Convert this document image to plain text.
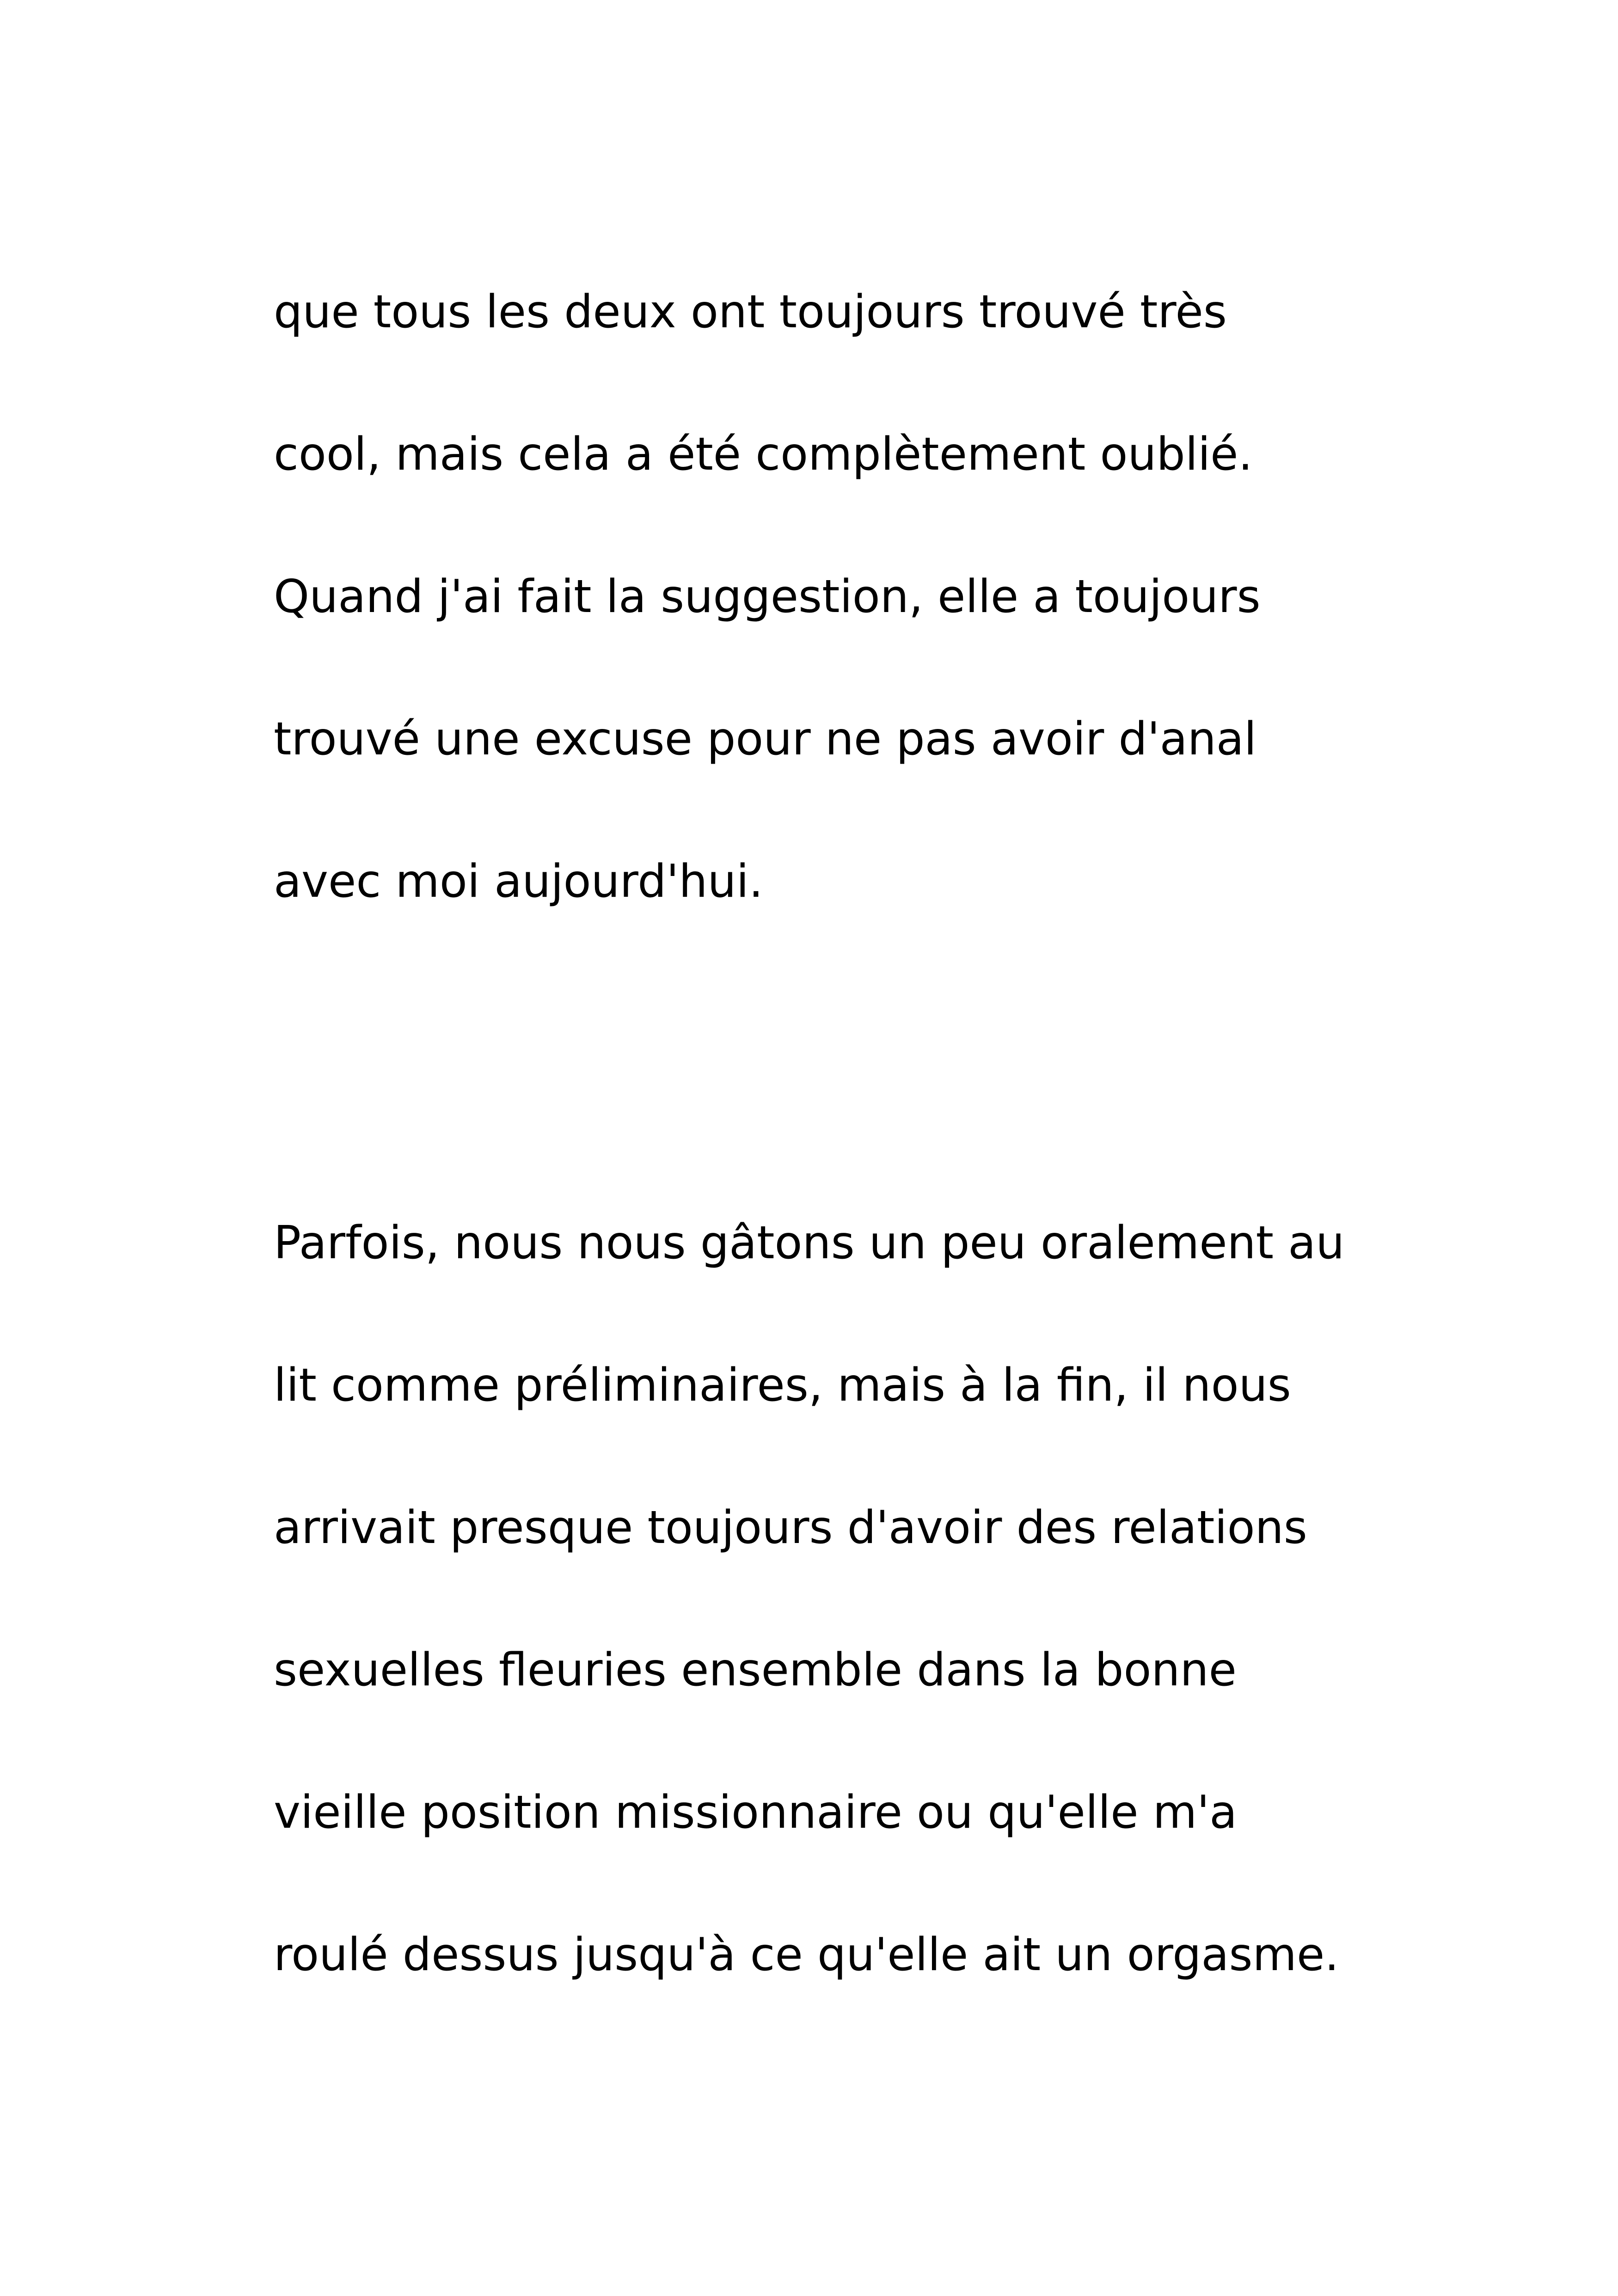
que tous les deux ont toujours trouvé très
cool, mais cela a été complètement oublié.
Quand j'ai fait la suggestion, elle a toujours
trouvé une excuse pour ne pas avoir d'anal
avec moi aujourd'hui.
Parfois, nous nous gâtons un peu oralement au
lit comme préliminaires, mais à la fin, il nous
arrivait presque toujours d'avoir des relations
sexuelles fleuries ensemble dans la bonne
vieille position missionnaire ou qu'elle m'a
roulé dessus jusqu'à ce qu'elle ait un orgasme.
